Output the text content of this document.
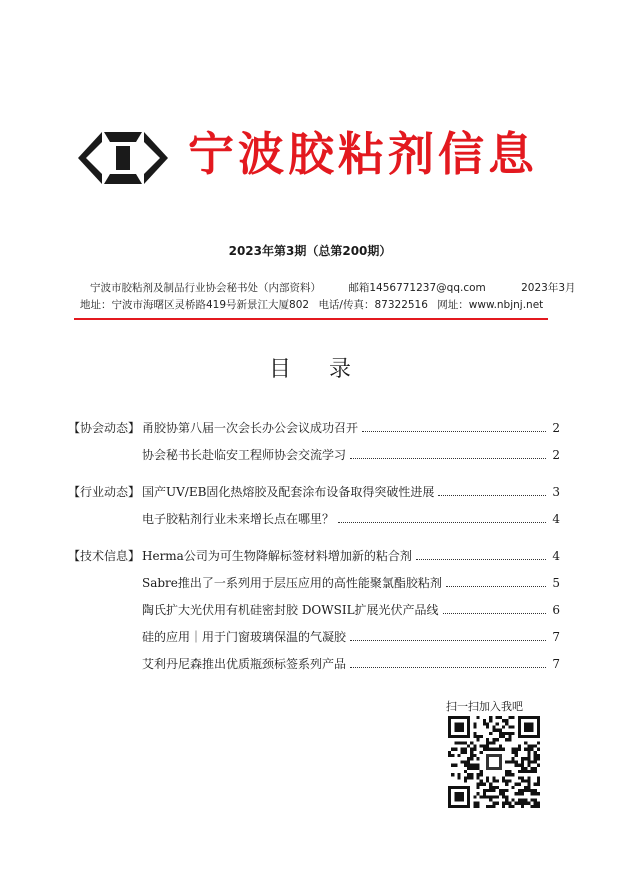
宁波胶粘剂信息
2023年第3期（总第200期）
宁波市胶粘剂及制品行业协会秘书处（内部资料）	邮箱1456771237@qq.com	2023年3月
地址：宁波市海曙区灵桥路419号新景江大厦802 电话/传真：87322516 网址：www.nbjnj.net
目录
【协会动态】 甬胶协第八届一次会长办公会议成功召开	2
协会秘书长赴临安工程师协会交流学习	2
【行业动态】 国产UV/EB固化热熔胶及配套涂布设备取得突破性进展	3
电子胶粘剂行业未来增长点在哪里？	4
【技术信息】 Herma公司为可生物降解标签材料增加新的粘合剂	4
Sabre推出了一系列用于层压应用的高性能聚氯酯胶粘剂	5
陶氏扩大光伏用有机硅密封胶 DOWSIL扩展光伏产品线	6
硅的应用｜用于门窗玻璃保温的气凝胶	7
艾利丹尼森推出优质瓶颈标签系列产品	7
扫一扫加入我吧
